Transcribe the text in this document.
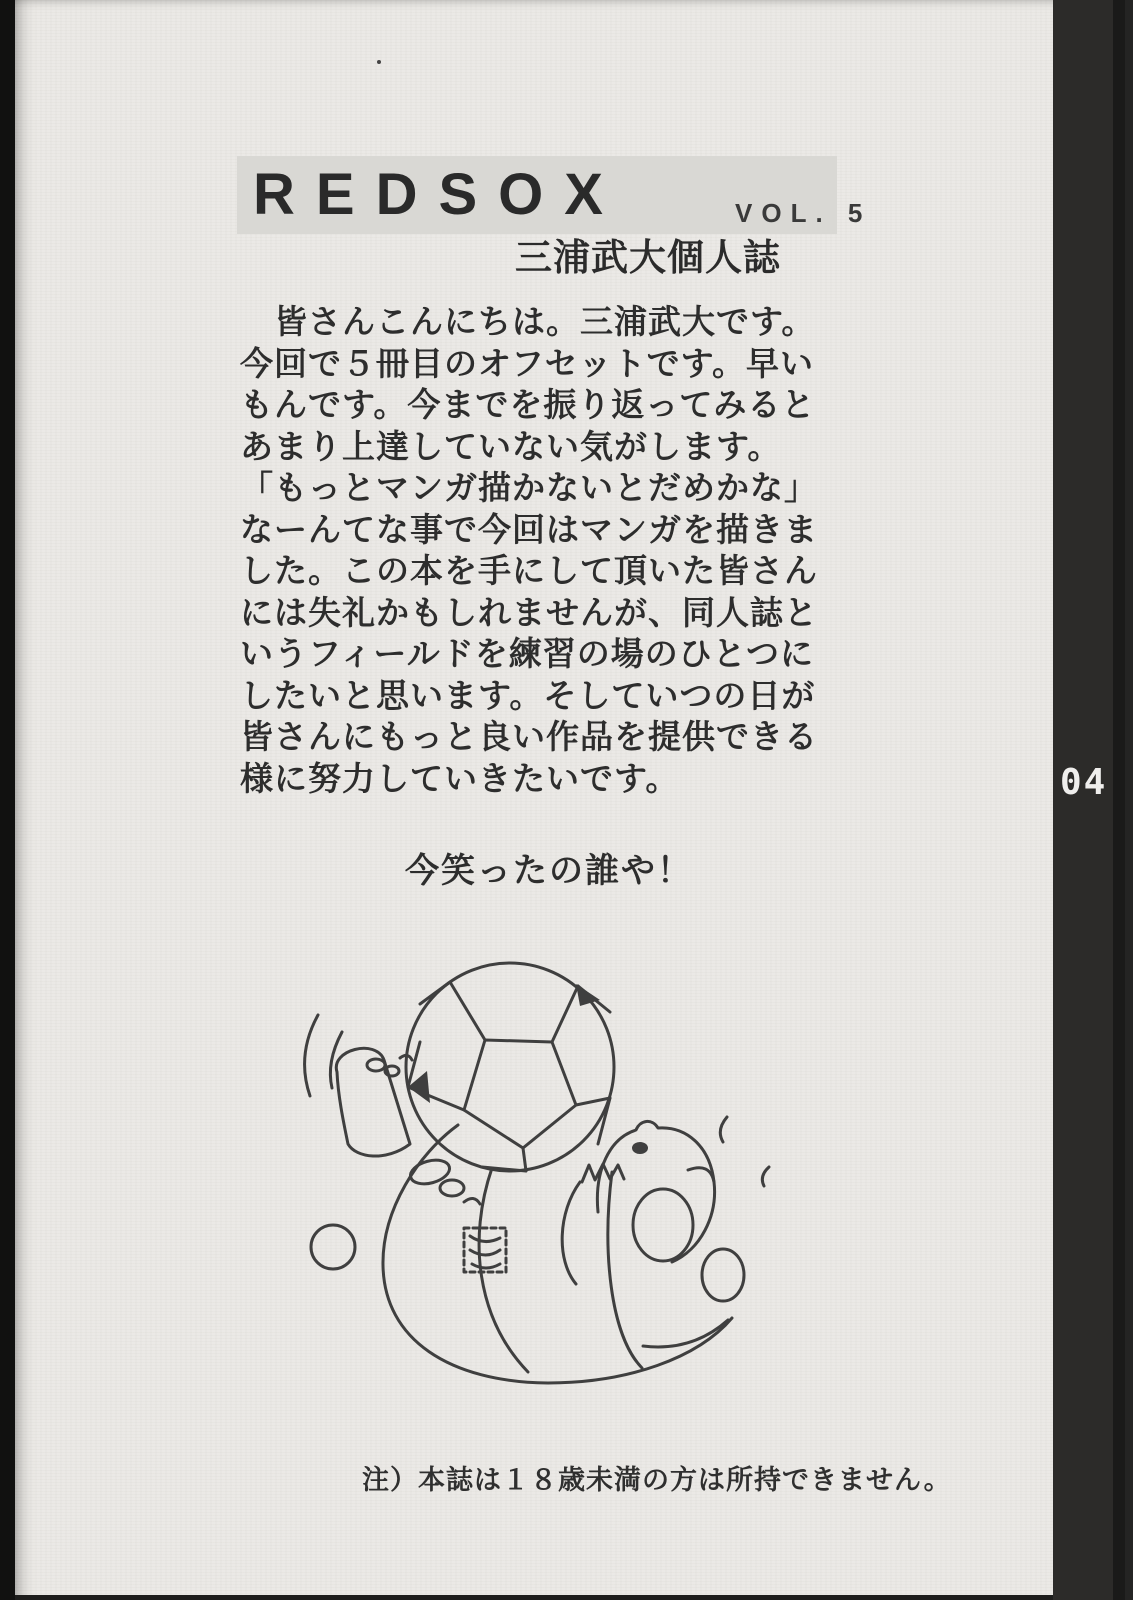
REDSOX	VOL. 5
三浦武大個人誌
　皆さんこんにちは。三浦武大です。
今回で５冊目のオフセットです。早い
もんです。今までを振り返ってみると
あまり上達していない気がします。
「もっとマンガ描かないとだめかな」
なーんてな事で今回はマンガを描きま
した。この本を手にして頂いた皆さん
には失礼かもしれませんが、同人誌と
いうフィールドを練習の場のひとつに
したいと思います。そしていつの日が
皆さんにもっと良い作品を提供できる
様に努力していきたいです。
今笑ったの誰や！
注）本誌は１８歳未満の方は所持できません。
04
